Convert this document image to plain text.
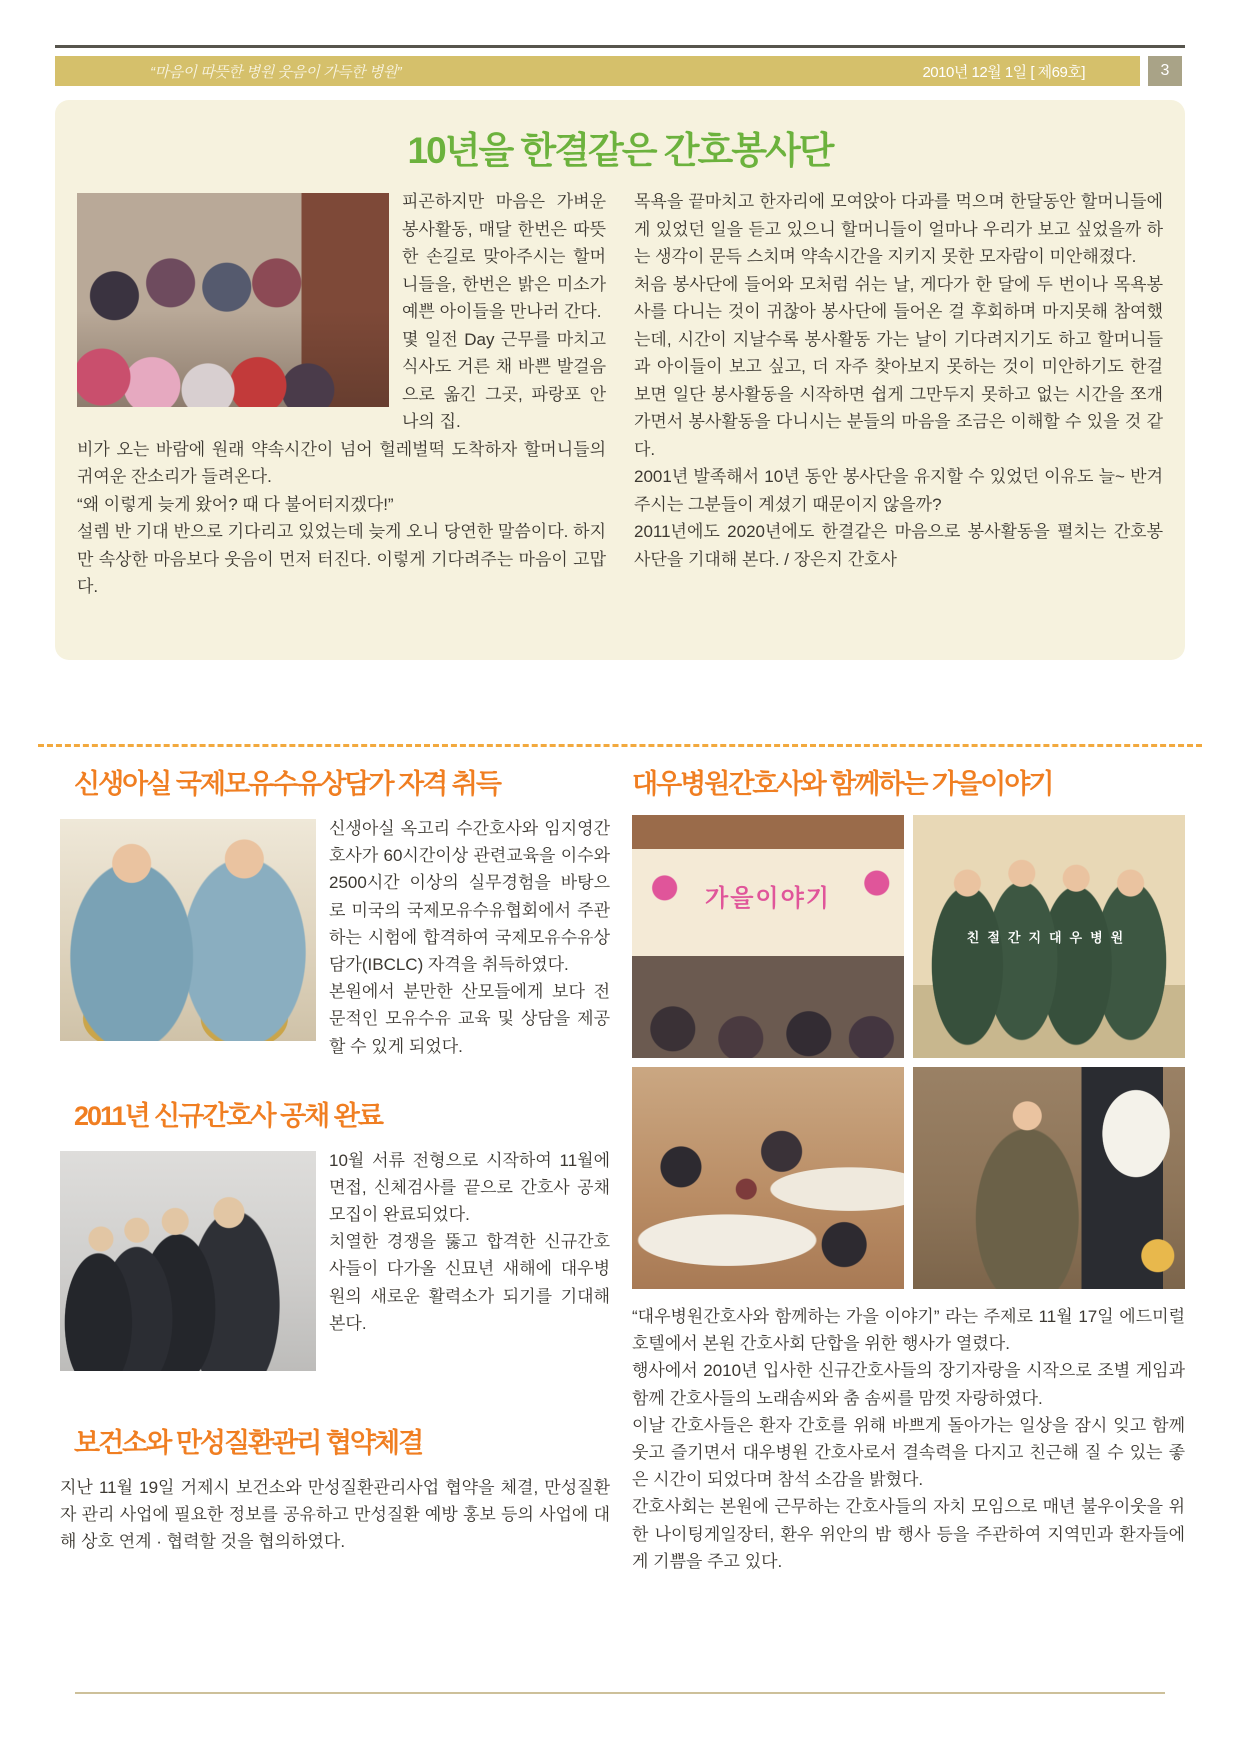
“마음이 따뜻한 병원 웃음이 가득한 병원”	2010년 12월 1일 [ 제69호]	3
10년을 한결같은 간호봉사단

피곤하지만 마음은 가벼운 봉사활동, 매달 한번은 따뜻한 손길로 맞아주시는 할머니들을, 한번은 밝은 미소가 예쁜 아이들을 만나러 간다.

몇 일전 Day 근무를 마치고 식사도 거른 채 바쁜 발걸음으로 옮긴 그곳, 파랑포 안나의 집.

비가 오는 바람에 원래 약속시간이 넘어 헐레벌떡 도착하자 할머니들의 귀여운 잔소리가 들려온다.

“왜 이렇게 늦게 왔어? 때 다 불어터지겠다!”

설렘 반 기대 반으로 기다리고 있었는데 늦게 오니 당연한 말씀이다. 하지만 속상한 마음보다 웃음이 먼저 터진다. 이렇게 기다려주는 마음이 고맙다.

목욕을 끝마치고 한자리에 모여앉아 다과를 먹으며 한달동안 할머니들에게 있었던 일을 듣고 있으니 할머니들이 얼마나 우리가 보고 싶었을까 하는 생각이 문득 스치며 약속시간을 지키지 못한 모자람이 미안해졌다.

처음 봉사단에 들어와 모처럼 쉬는 날, 게다가 한 달에 두 번이나 목욕봉사를 다니는 것이 귀찮아 봉사단에 들어온 걸 후회하며 마지못해 참여했는데, 시간이 지날수록 봉사활동 가는 날이 기다려지기도 하고 할머니들과 아이들이 보고 싶고, 더 자주 찾아보지 못하는 것이 미안하기도 한걸 보면 일단 봉사활동을 시작하면 쉽게 그만두지 못하고 없는 시간을 쪼개가면서 봉사활동을 다니시는 분들의 마음을 조금은 이해할 수 있을 것 같다.

2001년 발족해서 10년 동안 봉사단을 유지할 수 있었던 이유도 늘~ 반겨 주시는 그분들이 계셨기 때문이지 않을까?

2011년에도 2020년에도 한결같은 마음으로 봉사활동을 펼치는 간호봉사단을 기대해 본다. / 장은지 간호사

신생아실 국제모유수유상담가 자격 취득

신생아실 옥고리 수간호사와 임지영간호사가 60시간이상 관련교육을 이수와 2500시간 이상의 실무경험을 바탕으로 미국의 국제모유수유협회에서 주관하는 시험에 합격하여 국제모유수유상담가(IBCLC) 자격을 취득하였다.

본원에서 분만한 산모들에게 보다 전문적인 모유수유 교육 및 상담을 제공할 수 있게 되었다.

2011년 신규간호사 공채 완료

10월 서류 전형으로 시작하여 11월에 면접, 신체검사를 끝으로 간호사 공채 모집이 완료되었다.

치열한 경쟁을 뚫고 합격한 신규간호사들이 다가올 신묘년 새해에 대우병원의 새로운 활력소가 되기를 기대해 본다.

보건소와 만성질환관리 협약체결

지난 11월 19일 거제시 보건소와 만성질환관리사업 협약을 체결, 만성질환자 관리 사업에 필요한 정보를 공유하고 만성질환 예방 홍보 등의 사업에 대해 상호 연계 · 협력할 것을 협의하였다.

대우병원간호사와 함께하는 가을이야기
가을이야기
친절간지대우병원

“대우병원간호사와 함께하는 가을 이야기” 라는 주제로 11월 17일 에드미럴 호텔에서 본원 간호사회 단합을 위한 행사가 열렸다.

행사에서 2010년 입사한 신규간호사들의 장기자랑을 시작으로 조별 게임과 함께 간호사들의 노래솜씨와 춤 솜씨를 맘껏 자랑하였다.

이날 간호사들은 환자 간호를 위해 바쁘게 돌아가는 일상을 잠시 잊고 함께 웃고 즐기면서 대우병원 간호사로서 결속력을 다지고 친근해 질 수 있는 좋은 시간이 되었다며 참석 소감을 밝혔다.

간호사회는 본원에 근무하는 간호사들의 자치 모임으로 매년 불우이웃을 위한 나이팅게일장터, 환우 위안의 밤 행사 등을 주관하여 지역민과 환자들에게 기쁨을 주고 있다.
